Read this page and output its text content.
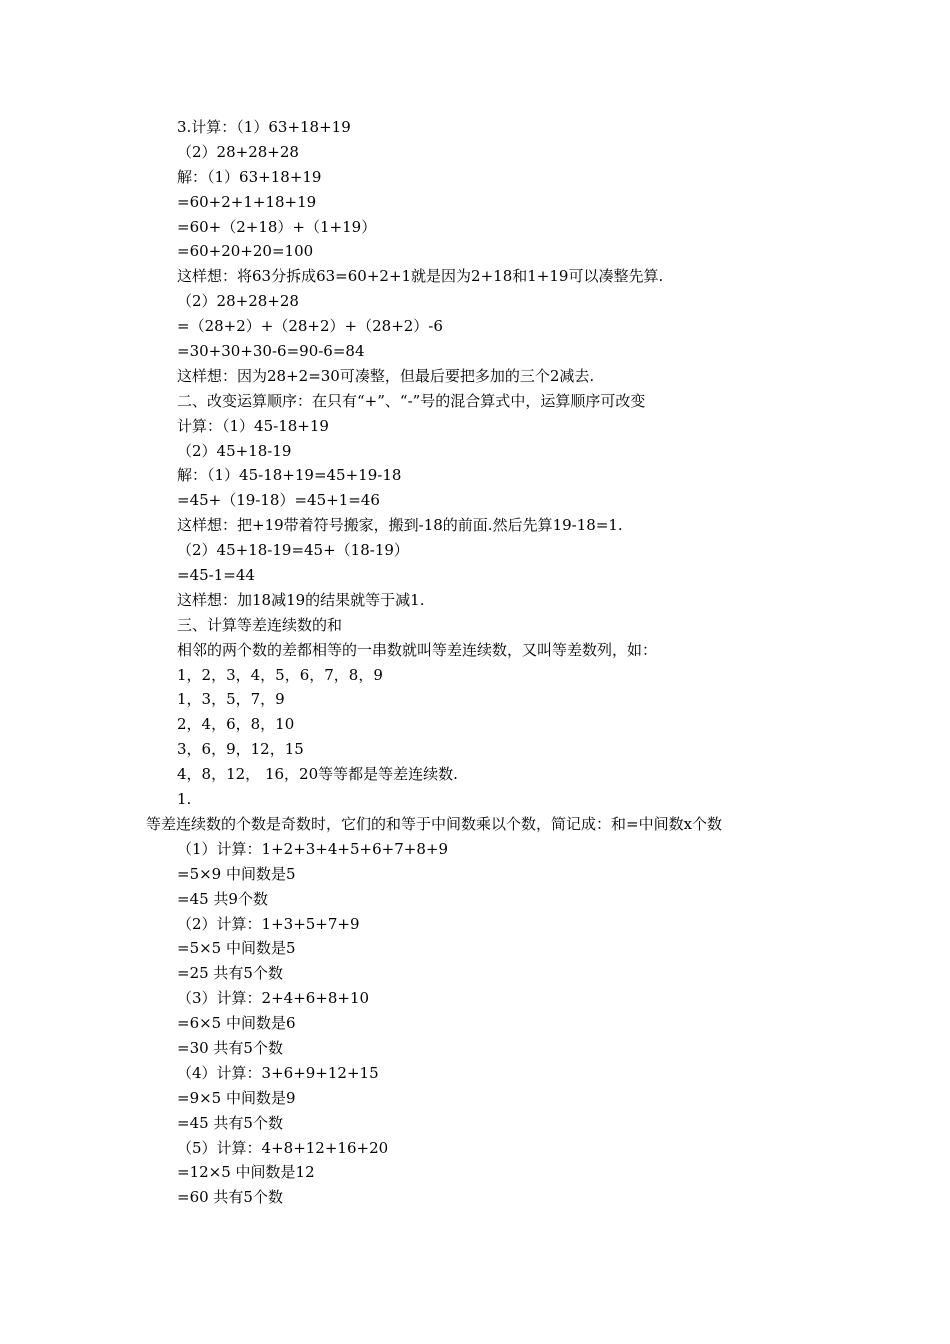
3.计算：（1）63+18+19
（2）28+28+28
解：（1）63+18+19
=60+2+1+18+19
=60+（2+18）+（1+19）
=60+20+20=100
这样想：将63分拆成63=60+2+1就是因为2+18和1+19可以凑整先算.
（2）28+28+28
=（28+2）+（28+2）+（28+2）-6
=30+30+30-6=90-6=84
这样想：因为28+2=30可凑整，但最后要把多加的三个2减去.
二、改变运算顺序：在只有“+”、“-”号的混合算式中，运算顺序可改变
计算：（1）45-18+19
（2）45+18-19
解：（1）45-18+19=45+19-18
=45+（19-18）=45+1=46
这样想：把+19带着符号搬家，搬到-18的前面.然后先算19-18=1.
（2）45+18-19=45+（18-19）
=45-1=44
这样想：加18减19的结果就等于减1.
三、计算等差连续数的和
相邻的两个数的差都相等的一串数就叫等差连续数，又叫等差数列，如：
1，2，3，4，5，6，7，8，9
1，3，5，7，9
2，4，6，8，10
3，6，9，12，15
4，8，12， 16，20等等都是等差连续数.
1.
等差连续数的个数是奇数时，它们的和等于中间数乘以个数，简记成：和=中间数x个数
（1）计算：1+2+3+4+5+6+7+8+9
=5×9 中间数是5
=45 共9个数
（2）计算：1+3+5+7+9
=5×5 中间数是5
=25 共有5个数
（3）计算：2+4+6+8+10
=6×5 中间数是6
=30 共有5个数
（4）计算：3+6+9+12+15
=9×5 中间数是9
=45 共有5个数
（5）计算：4+8+12+16+20
=12×5 中间数是12
=60 共有5个数
